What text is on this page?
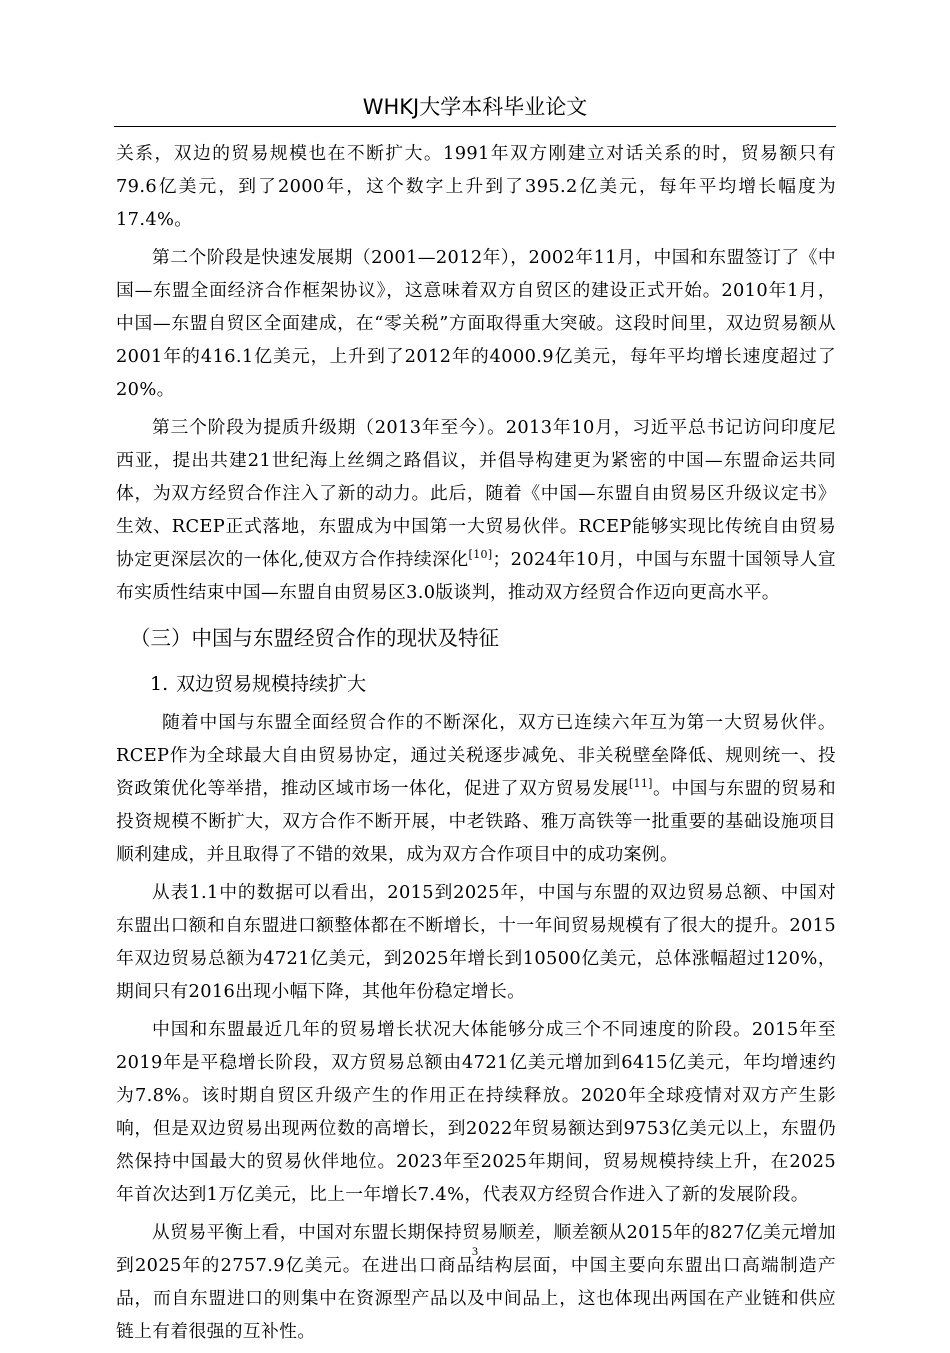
WHKJ大学本科毕业论文

关系，双边的贸易规模也在不断扩大。1991年双方刚建立对话关系的时，贸易额只有79.6亿美元，到了2000年，这个数字上升到了395.2亿美元，每年平均增长幅度为17.4%。

第二个阶段是快速发展期（2001—2012年），2002年11月，中国和东盟签订了《中国—东盟全面经济合作框架协议》，这意味着双方自贸区的建设正式开始。2010年1月，中国—东盟自贸区全面建成，在“零关税”方面取得重大突破。这段时间里，双边贸易额从2001年的416.1亿美元，上升到了2012年的4000.9亿美元，每年平均增长速度超过了20%。

第三个阶段为提质升级期（2013年至今）。2013年10月，习近平总书记访问印度尼西亚，提出共建21世纪海上丝绸之路倡议，并倡导构建更为紧密的中国—东盟命运共同体，为双方经贸合作注入了新的动力。此后，随着《中国—东盟自由贸易区升级议定书》生效、RCEP正式落地，东盟成为中国第一大贸易伙伴。RCEP能够实现比传统自由贸易协定更深层次的一体化,使双方合作持续深化[10]；2024年10月，中国与东盟十国领导人宣布实质性结束中国—东盟自由贸易区3.0版谈判，推动双方经贸合作迈向更高水平。

（三）中国与东盟经贸合作的现状及特征
1. 双边贸易规模持续扩大

随着中国与东盟全面经贸合作的不断深化，双方已连续六年互为第一大贸易伙伴。RCEP作为全球最大自由贸易协定，通过关税逐步减免、非关税壁垒降低、规则统一、投资政策优化等举措，推动区域市场一体化，促进了双方贸易发展[11]。中国与东盟的贸易和投资规模不断扩大，双方合作不断开展，中老铁路、雅万高铁等一批重要的基础设施项目顺利建成，并且取得了不错的效果，成为双方合作项目中的成功案例。

从表1.1中的数据可以看出，2015到2025年，中国与东盟的双边贸易总额、中国对东盟出口额和自东盟进口额整体都在不断增长，十一年间贸易规模有了很大的提升。2015年双边贸易总额为4721亿美元，到2025年增长到10500亿美元，总体涨幅超过120%，期间只有2016出现小幅下降，其他年份稳定增长。

中国和东盟最近几年的贸易增长状况大体能够分成三个不同速度的阶段。2015年至2019年是平稳增长阶段，双方贸易总额由4721亿美元增加到6415亿美元，年均增速约为7.8%。该时期自贸区升级产生的作用正在持续释放。2020年全球疫情对双方产生影响，但是双边贸易出现两位数的高增长，到2022年贸易额达到9753亿美元以上，东盟仍然保持中国最大的贸易伙伴地位。2023年至2025年期间，贸易规模持续上升，在2025年首次达到1万亿美元，比上一年增长7.4%，代表双方经贸合作进入了新的发展阶段。

从贸易平衡上看，中国对东盟长期保持贸易顺差，顺差额从2015年的827亿美元增加到2025年的2757.9亿美元。在进出口商品结构层面，中国主要向东盟出口高端制造产品，而自东盟进口的则集中在资源型产品以及中间品上，这也体现出两国在产业链和供应链上有着很强的互补性。

3
